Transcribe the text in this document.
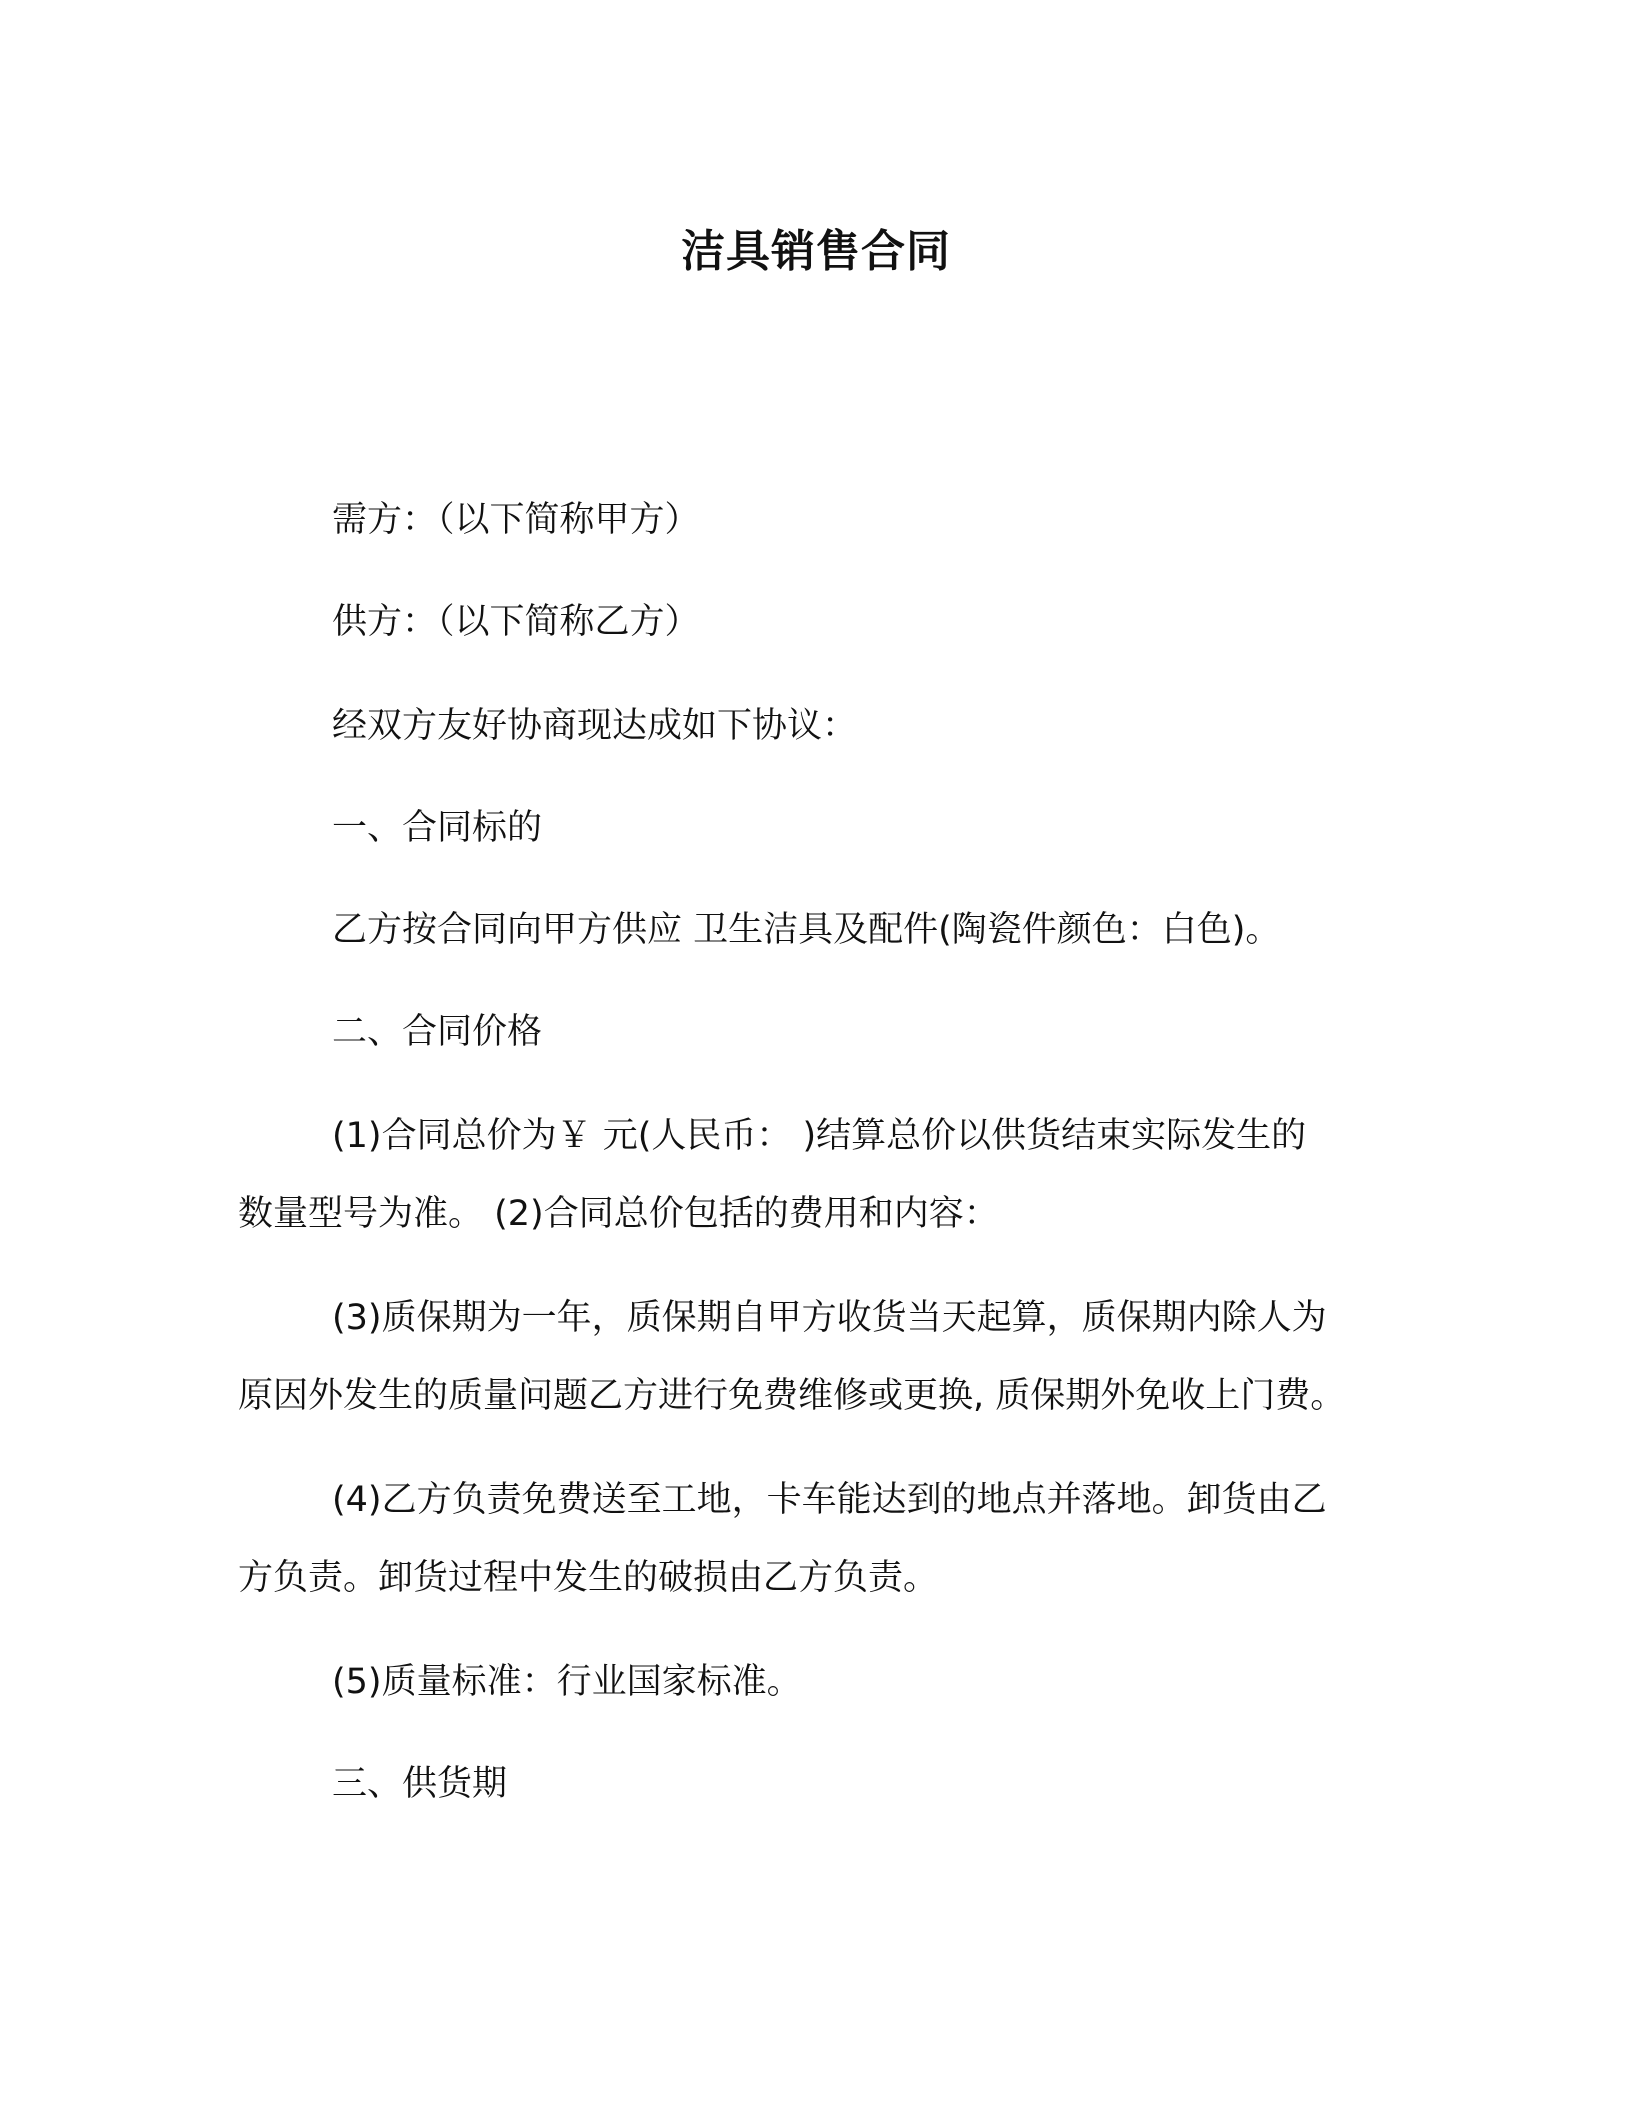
洁具销售合同

需方：（以下简称甲方）

供方：（以下简称乙方）

经双方友好协商现达成如下协议：

一、合同标的

乙方按合同向甲方供应 卫生洁具及配件(陶瓷件颜色：白色)。

二、合同价格

(1)合同总价为￥ 元(人民币： )结算总价以供货结束实际发生的

数量型号为准。 (2)合同总价包括的费用和内容：

(3)质保期为一年，质保期自甲方收货当天起算，质保期内除人为

原因外发生的质量问题乙方进行免费维修或更换, 质保期外免收上门费。

(4)乙方负责免费送至工地，卡车能达到的地点并落地。卸货由乙

方负责。卸货过程中发生的破损由乙方负责。

(5)质量标准：行业国家标准。

三、供货期
